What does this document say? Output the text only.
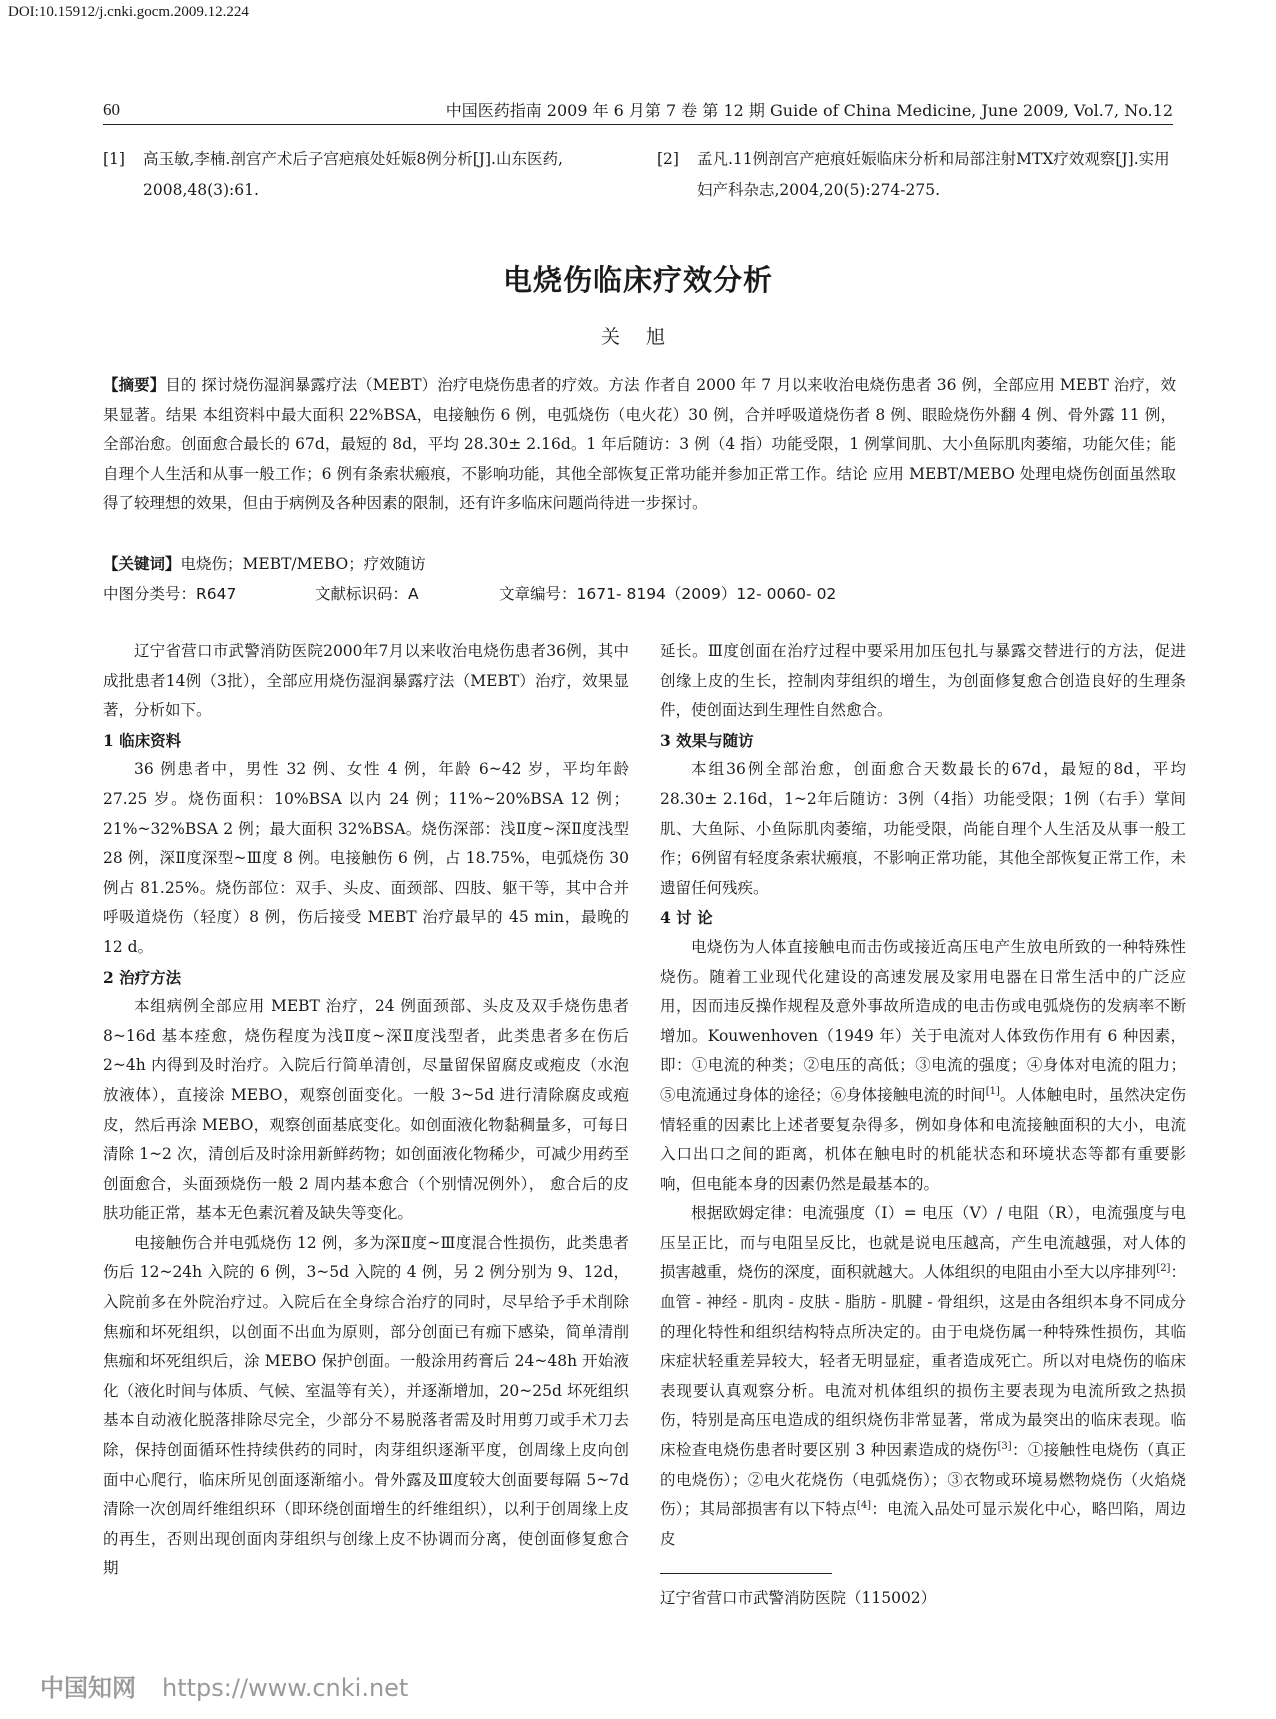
DOI:10.15912/j.cnki.gocm.2009.12.224
60	中国医药指南 2009 年 6 月第 7 卷 第 12 期 Guide of China Medicine, June 2009, Vol.7, No.12
[1] 高玉敏,李楠.剖宫产术后子宫疤痕处妊娠8例分析[J].山东医药, 2008,48(3):61.
[2] 孟凡.11例剖宫产疤痕妊娠临床分析和局部注射MTX疗效观察[J].实用妇产科杂志,2004,20(5):274-275.
电烧伤临床疗效分析
关 旭
【摘要】目的 探讨烧伤湿润暴露疗法（MEBT）治疗电烧伤患者的疗效。方法 作者自 2000 年 7 月以来收治电烧伤患者 36 例，全部应用 MEBT 治疗，效果显著。结果 本组资料中最大面积 22%BSA，电接触伤 6 例，电弧烧伤（电火花）30 例，合并呼吸道烧伤者 8 例、眼睑烧伤外翻 4 例、骨外露 11 例，全部治愈。创面愈合最长的 67d，最短的 8d，平均 28.30± 2.16d。1 年后随访：3 例（4 指）功能受限，1 例掌间肌、大小鱼际肌肉萎缩，功能欠佳；能自理个人生活和从事一般工作；6 例有条索状瘢痕，不影响功能，其他全部恢复正常功能并参加正常工作。结论 应用 MEBT/MEBO 处理电烧伤创面虽然取得了较理想的效果，但由于病例及各种因素的限制，还有许多临床问题尚待进一步探讨。
【关键词】电烧伤；MEBT/MEBO；疗效随访
中图分类号：R647	文献标识码：A	文章编号：1671- 8194（2009）12- 0060- 02

辽宁省营口市武警消防医院2000年7月以来收治电烧伤患者36例，其中成批患者14例（3批），全部应用烧伤湿润暴露疗法（MEBT）治疗，效果显著，分析如下。

1 临床资料

36 例患者中，男性 32 例、女性 4 例，年龄 6~42 岁，平均年龄 27.25 岁。烧伤面积：10%BSA 以内 24 例；11%~20%BSA 12 例；21%~32%BSA 2 例；最大面积 32%BSA。烧伤深部：浅Ⅱ度~深Ⅱ度浅型 28 例，深Ⅱ度深型~Ⅲ度 8 例。电接触伤 6 例，占 18.75%，电弧烧伤 30 例占 81.25%。烧伤部位：双手、头皮、面颈部、四肢、躯干等，其中合并呼吸道烧伤（轻度）8 例，伤后接受 MEBT 治疗最早的 45 min，最晚的 12 d。

2 治疗方法

本组病例全部应用 MEBT 治疗，24 例面颈部、头皮及双手烧伤患者 8~16d 基本痊愈，烧伤程度为浅Ⅱ度~深Ⅱ度浅型者，此类患者多在伤后 2~4h 内得到及时治疗。入院后行简单清创，尽量留保留腐皮或疱皮（水泡放液体），直接涂 MEBO，观察创面变化。一般 3~5d 进行清除腐皮或疱皮，然后再涂 MEBO，观察创面基底变化。如创面液化物黏稠量多，可每日清除 1~2 次，清创后及时涂用新鲜药物；如创面液化物稀少，可减少用药至创面愈合，头面颈烧伤一般 2 周内基本愈合（个别情况例外）， 愈合后的皮肤功能正常，基本无色素沉着及缺失等变化。

电接触伤合并电弧烧伤 12 例，多为深Ⅱ度~Ⅲ度混合性损伤，此类患者伤后 12~24h 入院的 6 例，3~5d 入院的 4 例，另 2 例分别为 9、12d，入院前多在外院治疗过。入院后在全身综合治疗的同时，尽早给予手术削除焦痂和坏死组织，以创面不出血为原则，部分创面已有痂下感染，简单清削焦痂和坏死组织后，涂 MEBO 保护创面。一般涂用药膏后 24~48h 开始液化（液化时间与体质、气候、室温等有关），并逐渐增加，20~25d 坏死组织基本自动液化脱落排除尽完全，少部分不易脱落者需及时用剪刀或手术刀去除，保持创面循环性持续供药的同时，肉芽组织逐渐平度，创周缘上皮向创面中心爬行，临床所见创面逐渐缩小。骨外露及Ⅲ度较大创面要每隔 5~7d 清除一次创周纤维组织环（即环绕创面增生的纤维组织），以利于创周缘上皮的再生，否则出现创面肉芽组织与创缘上皮不协调而分离，使创面修复愈合期

延长。Ⅲ度创面在治疗过程中要采用加压包扎与暴露交替进行的方法，促进创缘上皮的生长，控制肉芽组织的增生，为创面修复愈合创造良好的生理条件，使创面达到生理性自然愈合。

3 效果与随访

本组36例全部治愈，创面愈合天数最长的67d，最短的8d，平均 28.30± 2.16d，1~2年后随访：3例（4指）功能受限；1例（右手）掌间肌、大鱼际、小鱼际肌肉萎缩，功能受限，尚能自理个人生活及从事一般工作；6例留有轻度条索状瘢痕，不影响正常功能，其他全部恢复正常工作，未遗留任何残疾。

4 讨 论

电烧伤为人体直接触电而击伤或接近高压电产生放电所致的一种特殊性烧伤。随着工业现代化建设的高速发展及家用电器在日常生活中的广泛应用，因而违反操作规程及意外事故所造成的电击伤或电弧烧伤的发病率不断增加。Kouwenhoven（1949 年）关于电流对人体致伤作用有 6 种因素，即：①电流的种类；②电压的高低；③电流的强度；④身体对电流的阻力；⑤电流通过身体的途径；⑥身体接触电流的时间[1]。人体触电时，虽然决定伤情轻重的因素比上述者要复杂得多，例如身体和电流接触面积的大小，电流入口出口之间的距离，机体在触电时的机能状态和环境状态等都有重要影响，但电能本身的因素仍然是最基本的。

根据欧姆定律：电流强度（I）= 电压（V）/ 电阻（R），电流强度与电压呈正比，而与电阻呈反比，也就是说电压越高，产生电流越强，对人体的损害越重，烧伤的深度，面积就越大。人体组织的电阻由小至大以序排列[2]：血管 - 神经 - 肌肉 - 皮肤 - 脂肪 - 肌腱 - 骨组织，这是由各组织本身不同成分的理化特性和组织结构特点所决定的。由于电烧伤属一种特殊性损伤，其临床症状轻重差异较大，轻者无明显症，重者造成死亡。所以对电烧伤的临床表现要认真观察分析。电流对机体组织的损伤主要表现为电流所致之热损伤，特别是高压电造成的组织烧伤非常显著，常成为最突出的临床表现。临床检查电烧伤患者时要区别 3 种因素造成的烧伤[3]：①接触性电烧伤（真正的电烧伤）；②电火花烧伤（电弧烧伤）；③衣物或环境易燃物烧伤（火焰烧伤）；其局部损害有以下特点[4]：电流入品处可显示炭化中心，略凹陷，周边皮

辽宁省营口市武警消防医院（115002）
中国知网 https://www.cnki.net
